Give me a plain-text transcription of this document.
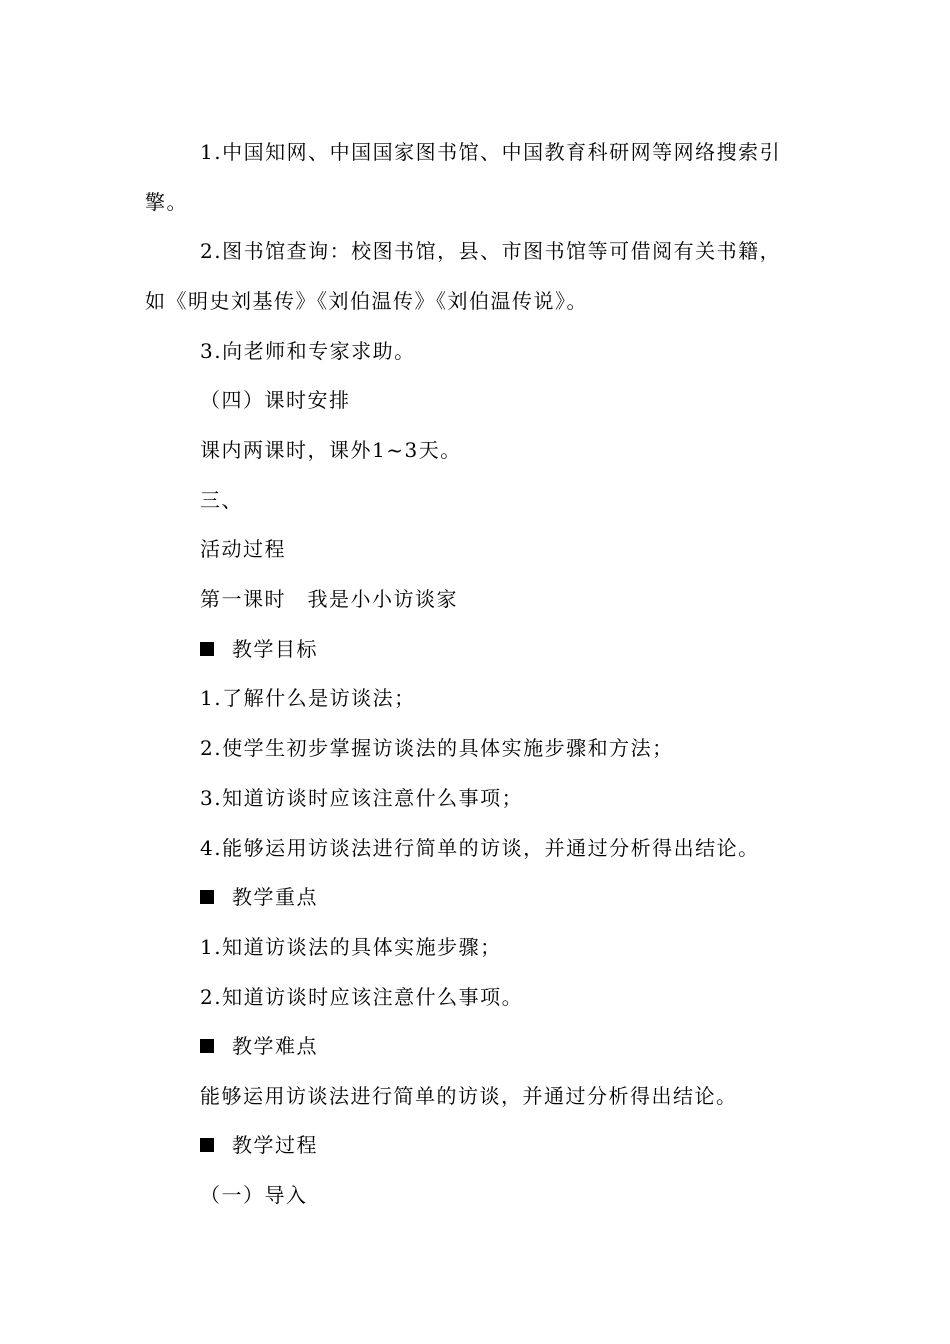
1.中国知网、中国国家图书馆、中国教育科研网等网络搜索引
擎。
2.图书馆查询：校图书馆，县、市图书馆等可借阅有关书籍，
如《明史刘基传》《刘伯温传》《刘伯温传说》。
3.向老师和专家求助。
（四）课时安排
课内两课时，课外1~3天。
三、
活动过程
第一课时　我是小小访谈家
教学目标
1.了解什么是访谈法；
2.使学生初步掌握访谈法的具体实施步骤和方法；
3.知道访谈时应该注意什么事项；
4.能够运用访谈法进行简单的访谈，并通过分析得出结论。
教学重点
1.知道访谈法的具体实施步骤；
2.知道访谈时应该注意什么事项。
教学难点
能够运用访谈法进行简单的访谈，并通过分析得出结论。
教学过程
（一）导入
